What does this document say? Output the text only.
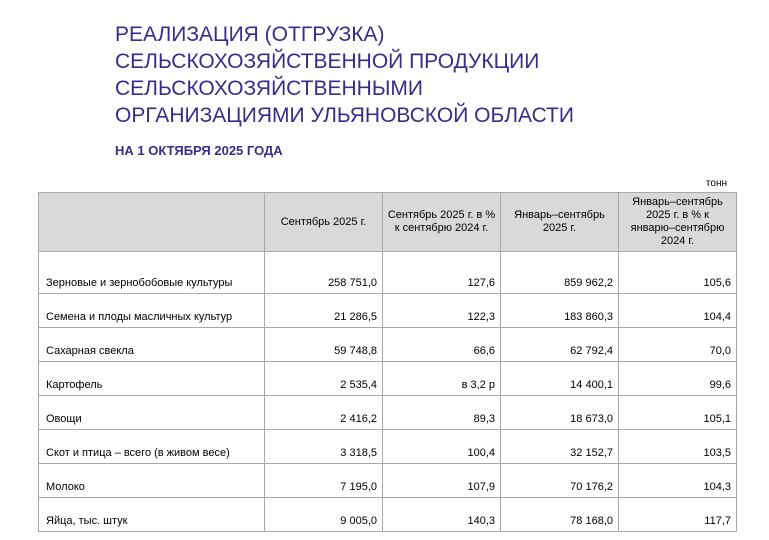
РЕАЛИЗАЦИЯ (ОТГРУЗКА)
СЕЛЬСКОХОЗЯЙСТВЕННОЙ ПРОДУКЦИИ
СЕЛЬСКОХОЗЯЙСТВЕННЫМИ
ОРГАНИЗАЦИЯМИ УЛЬЯНОВСКОЙ ОБЛАСТИ
НА 1 ОКТЯБРЯ 2025 ГОДА
тонн
	Сентябрь 2025 г.	Сентябрь 2025 г. в % к сентябрю 2024 г.	Январь–сентябрь 2025 г.	Январь–сентябрь 2025 г. в % к январю–сентябрю 2024 г.
Зерновые и зернобобовые культуры	258 751,0	127,6	859 962,2	105,6
Семена и плоды масличных культур	21 286,5	122,3	183 860,3	104,4
Сахарная свекла	59 748,8	66,6	62 792,4	70,0
Картофель	2 535,4	в 3,2 р	14 400,1	99,6
Овощи	2 416,2	89,3	18 673,0	105,1
Скот и птица – всего (в живом весе)	3 318,5	100,4	32 152,7	103,5
Молоко	7 195,0	107,9	70 176,2	104,3
Яйца, тыс. штук	9 005,0	140,3	78 168,0	117,7
